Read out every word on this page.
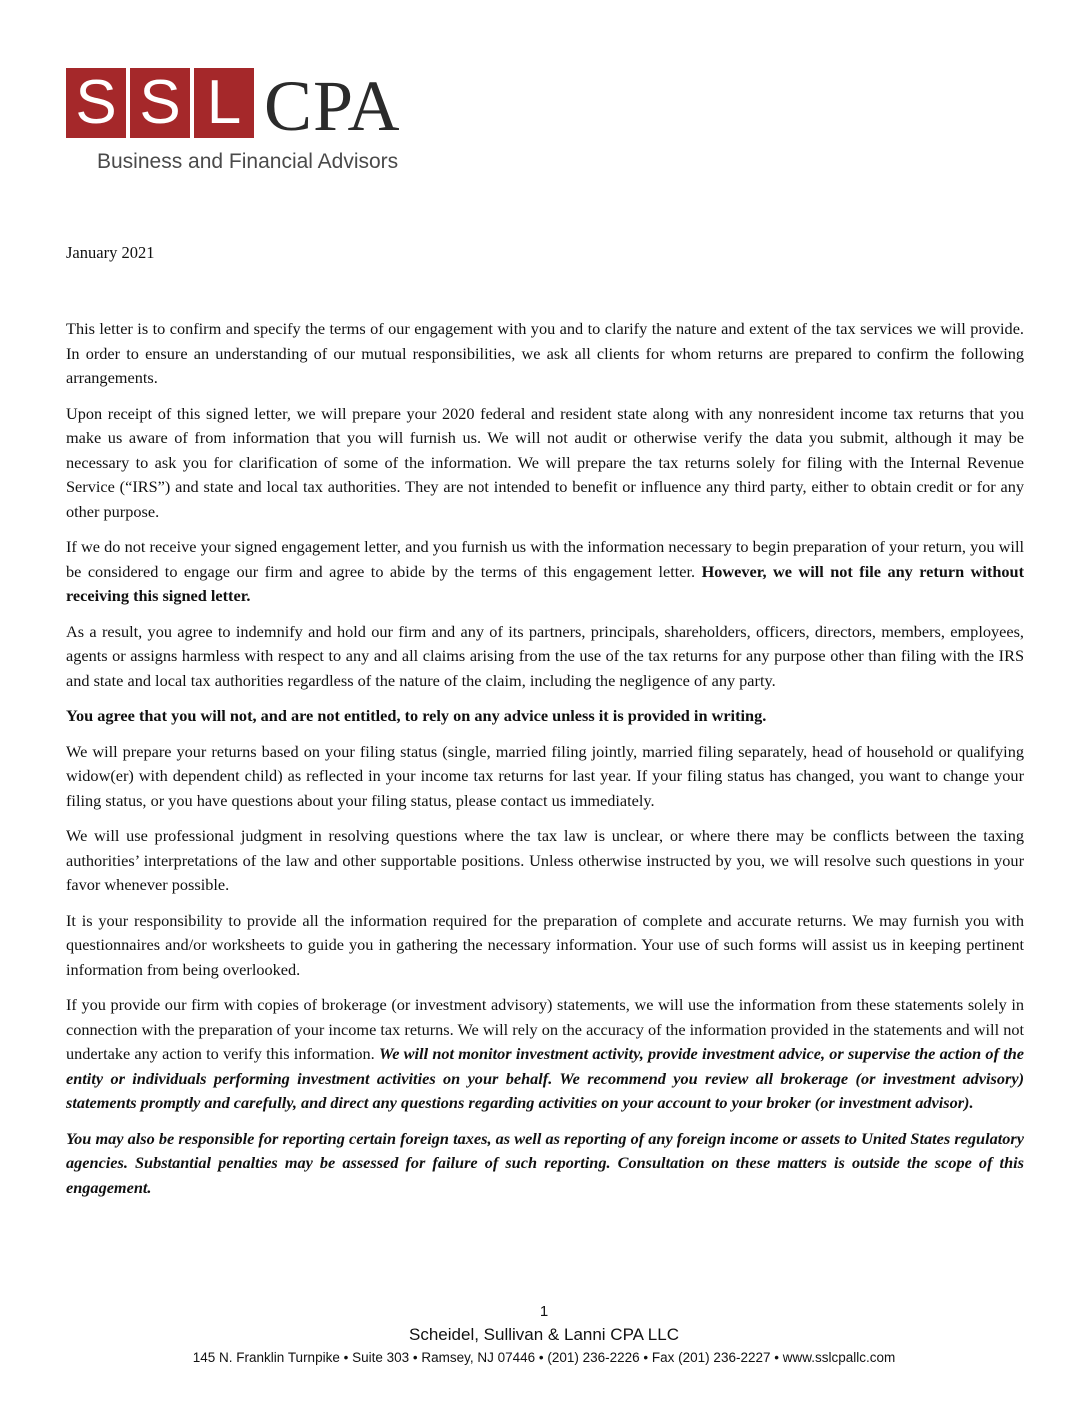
S S L CPA
Business and Financial Advisors
January 2021

This letter is to confirm and specify the terms of our engagement with you and to clarify the nature and extent of the tax services we will provide. In order to ensure an understanding of our mutual responsibilities, we ask all clients for whom returns are prepared to confirm the following arrangements.

Upon receipt of this signed letter, we will prepare your 2020 federal and resident state along with any nonresident income tax returns that you make us aware of from information that you will furnish us. We will not audit or otherwise verify the data you submit, although it may be necessary to ask you for clarification of some of the information. We will prepare the tax returns solely for filing with the Internal Revenue Service (“IRS”) and state and local tax authorities. They are not intended to benefit or influence any third party, either to obtain credit or for any other purpose.

If we do not receive your signed engagement letter, and you furnish us with the information necessary to begin preparation of your return, you will be considered to engage our firm and agree to abide by the terms of this engagement letter. However, we will not file any return without receiving this signed letter.

As a result, you agree to indemnify and hold our firm and any of its partners, principals, shareholders, officers, directors, members, employees, agents or assigns harmless with respect to any and all claims arising from the use of the tax returns for any purpose other than filing with the IRS and state and local tax authorities regardless of the nature of the claim, including the negligence of any party.

You agree that you will not, and are not entitled, to rely on any advice unless it is provided in writing.

We will prepare your returns based on your filing status (single, married filing jointly, married filing separately, head of household or qualifying widow(er) with dependent child) as reflected in your income tax returns for last year. If your filing status has changed, you want to change your filing status, or you have questions about your filing status, please contact us immediately.

We will use professional judgment in resolving questions where the tax law is unclear, or where there may be conflicts between the taxing authorities’ interpretations of the law and other supportable positions. Unless otherwise instructed by you, we will resolve such questions in your favor whenever possible.

It is your responsibility to provide all the information required for the preparation of complete and accurate returns. We may furnish you with questionnaires and/or worksheets to guide you in gathering the necessary information. Your use of such forms will assist us in keeping pertinent information from being overlooked.

If you provide our firm with copies of brokerage (or investment advisory) statements, we will use the information from these statements solely in connection with the preparation of your income tax returns. We will rely on the accuracy of the information provided in the statements and will not undertake any action to verify this information. We will not monitor investment activity, provide investment advice, or supervise the action of the entity or individuals performing investment activities on your behalf. We recommend you review all brokerage (or investment advisory) statements promptly and carefully, and direct any questions regarding activities on your account to your broker (or investment advisor).

You may also be responsible for reporting certain foreign taxes, as well as reporting of any foreign income or assets to United States regulatory agencies. Substantial penalties may be assessed for failure of such reporting. Consultation on these matters is outside the scope of this engagement.

1
Scheidel, Sullivan & Lanni CPA LLC
145 N. Franklin Turnpike • Suite 303 • Ramsey, NJ 07446 • (201) 236-2226 • Fax (201) 236-2227 • www.sslcpallc.com
